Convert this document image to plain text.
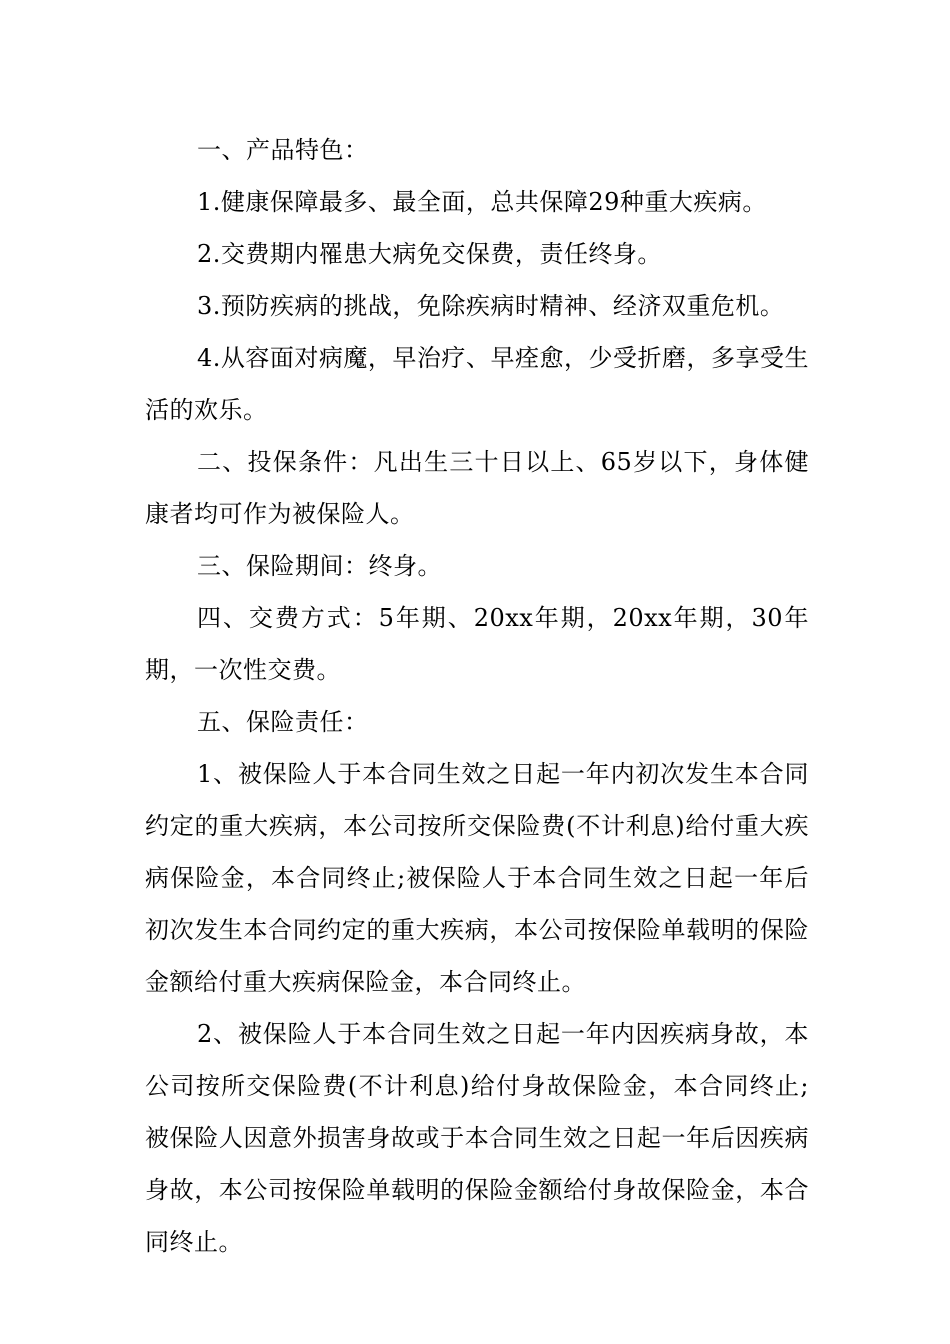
一、产品特色：

1.健康保障最多、最全面，总共保障29种重大疾病。

2.交费期内罹患大病免交保费，责任终身。

3.预防疾病的挑战，免除疾病时精神、经济双重危机。

4.从容面对病魔，早治疗、早痊愈，少受折磨，多享受生活的欢乐。

二、投保条件：凡出生三十日以上、65岁以下，身体健康者均可作为被保险人。

三、保险期间：终身。

四、交费方式：5年期、20xx年期，20xx年期，30年期，一次性交费。

五、保险责任：

1、被保险人于本合同生效之日起一年内初次发生本合同约定的重大疾病，本公司按所交保险费(不计利息)给付重大疾病保险金，本合同终止;被保险人于本合同生效之日起一年后初次发生本合同约定的重大疾病，本公司按保险单载明的保险金额给付重大疾病保险金，本合同终止。

2、被保险人于本合同生效之日起一年内因疾病身故，本公司按所交保险费(不计利息)给付身故保险金，本合同终止;被保险人因意外损害身故或于本合同生效之日起一年后因疾病身故，本公司按保险单载明的保险金额给付身故保险金，本合同终止。
